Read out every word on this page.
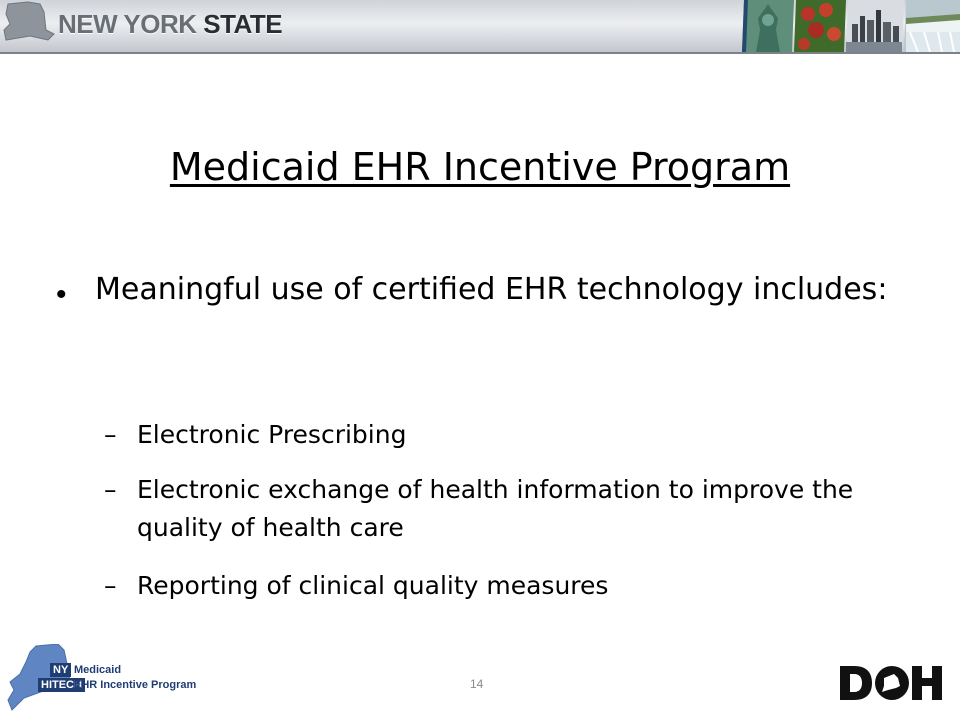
NEW YORK STATE
Medicaid EHR Incentive Program
• Meaningful use of certified EHR technology includes:
– Electronic Prescribing
– Electronic exchange of health information to improve the quality of health care
– Reporting of clinical quality measures
NY
HITECH
Medicaid
EHR Incentive Program	14
